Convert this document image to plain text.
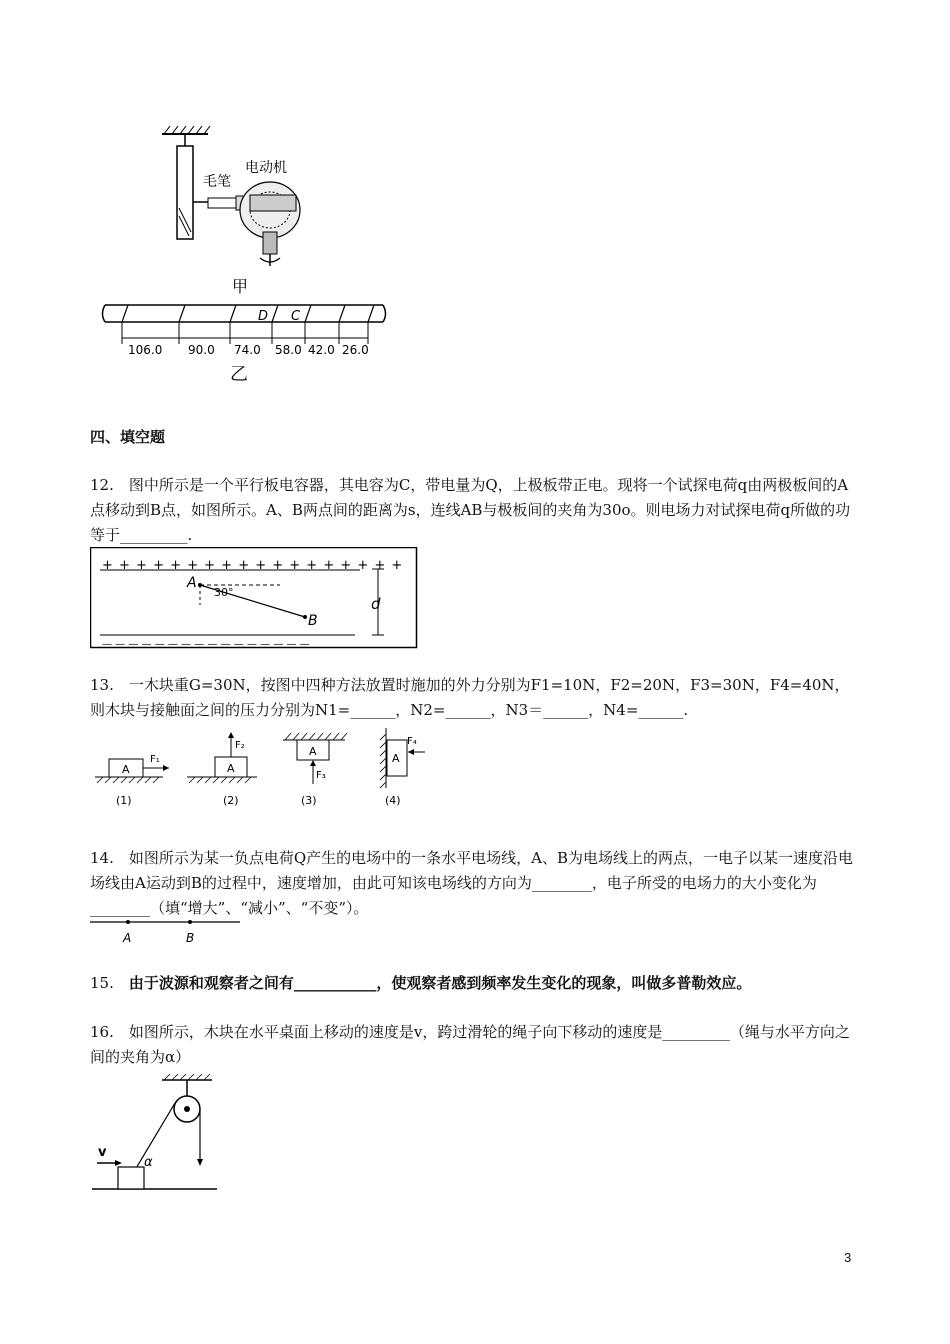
毛笔
电动机
甲
D C
106.0 90.0 74.0 58.0 42.0 26.0
乙
四、填空题
12.　图中所示是一个平行板电容器，其电容为C，带电量为Q，上极板带正电。现将一个试探电荷q由两极板间的A点移动到B点，如图所示。A、B两点间的距离为s，连线AB与极板间的夹角为30o。则电场力对试探电荷q所做的功等于_________.
+ + + + + + + + + + + + + + + + + +
— — — — — — — — — — — — — — — —
A
B
30°
d
13.　一木块重G=30N，按图中四种方法放置时施加的外力分别为F1=10N，F2=20N，F3=30N，F4=40N，则木块与接触面之间的压力分别为N1=______，N2=______，N3＝______，N4=______.
A
F₁
(1)
A
F₂
(2)
A
F₃
(3)
A
F₄
(4)
14.　如图所示为某一负点电荷Q产生的电场中的一条水平电场线，A、B为电场线上的两点，一电子以某一速度沿电场线由A运动到B的过程中，速度增加，由此可知该电场线的方向为________，电子所受的电场力的大小变化为________（填“增大”、“减小”、“不变”）。
A	B
15.　由于波源和观察者之间有___________，使观察者感到频率发生变化的现象，叫做多普勒效应。
16.　如图所示，木块在水平桌面上移动的速度是v，跨过滑轮的绳子向下移动的速度是_________（绳与水平方向之间的夹角为α）
v
α
3
